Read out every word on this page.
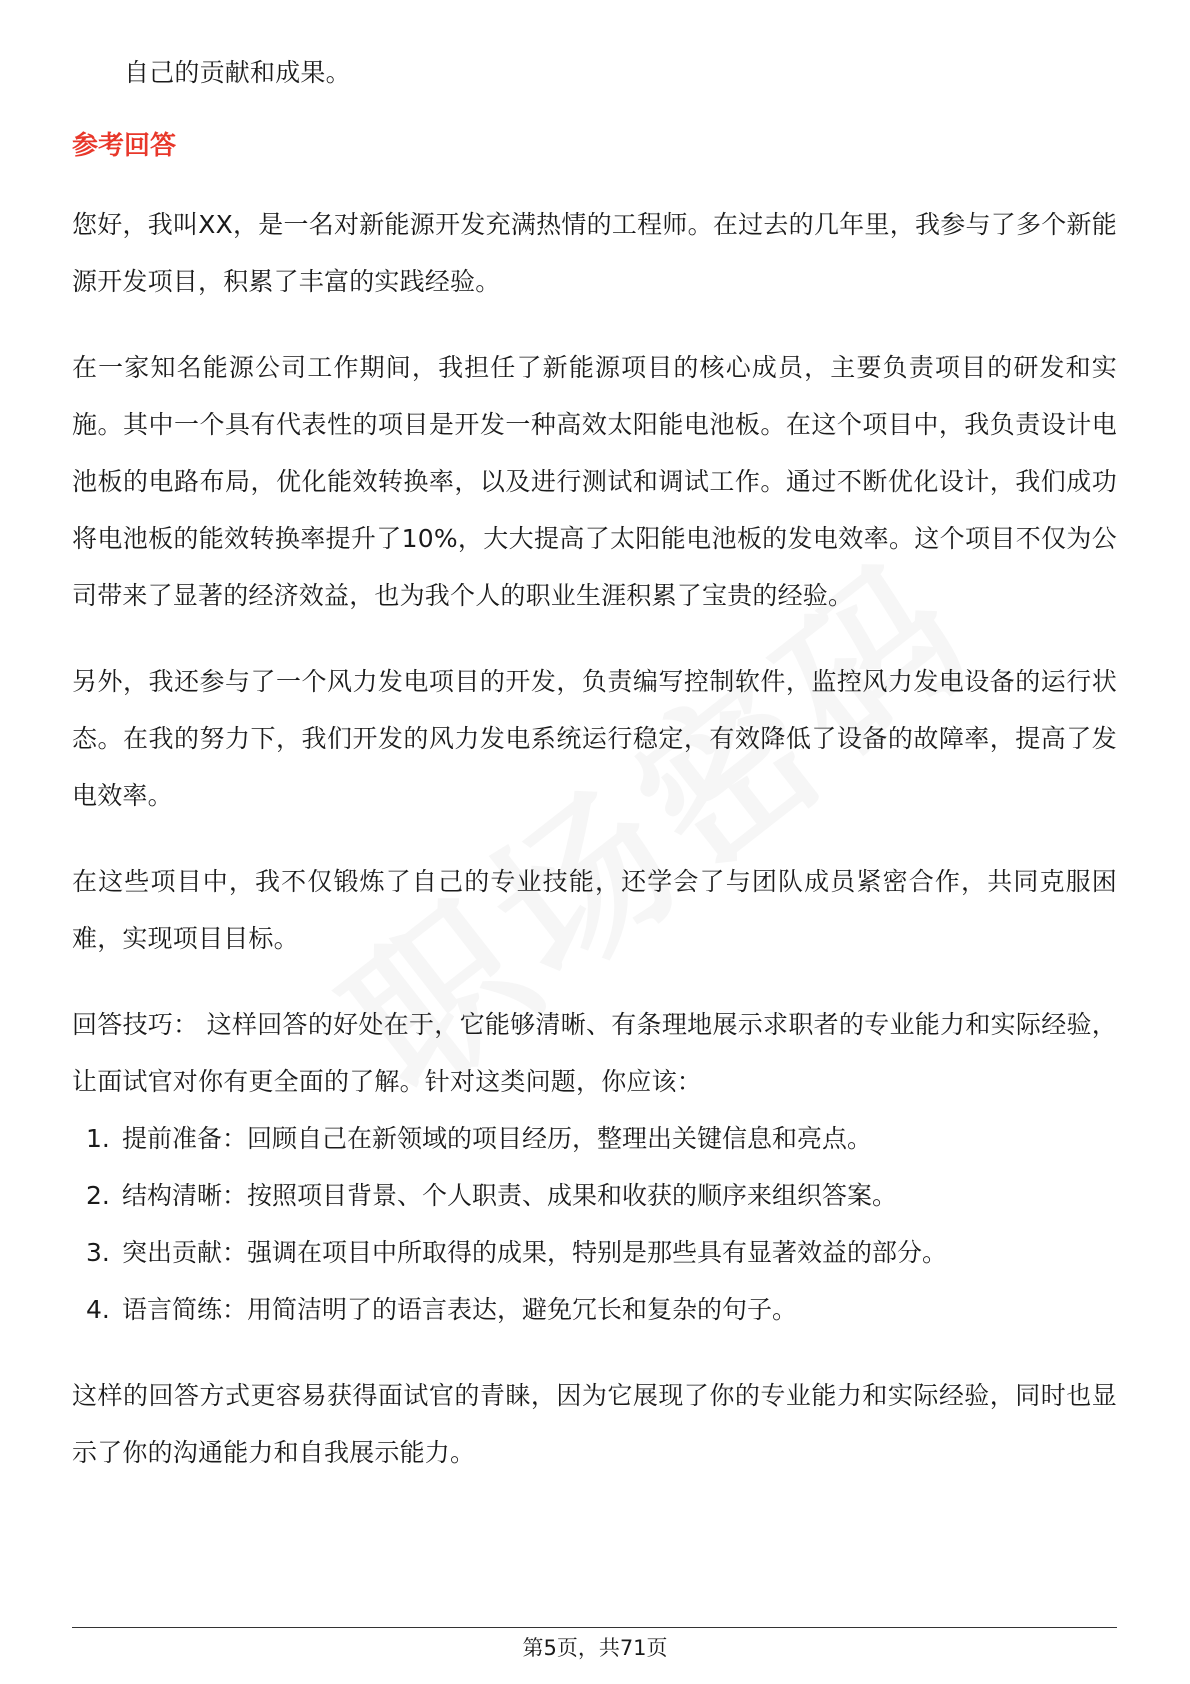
自己的贡献和成果。

参考回答

您好，我叫XX，是一名对新能源开发充满热情的工程师。在过去的几年里，我参与了多个新能源开发项目，积累了丰富的实践经验。

在一家知名能源公司工作期间，我担任了新能源项目的核心成员，主要负责项目的研发和实施。其中一个具有代表性的项目是开发一种高效太阳能电池板。在这个项目中，我负责设计电池板的电路布局，优化能效转换率，以及进行测试和调试工作。通过不断优化设计，我们成功将电池板的能效转换率提升了10%，大大提高了太阳能电池板的发电效率。这个项目不仅为公司带来了显著的经济效益，也为我个人的职业生涯积累了宝贵的经验。

另外，我还参与了一个风力发电项目的开发，负责编写控制软件，监控风力发电设备的运行状态。在我的努力下，我们开发的风力发电系统运行稳定，有效降低了设备的故障率，提高了发电效率。

在这些项目中，我不仅锻炼了自己的专业技能，还学会了与团队成员紧密合作，共同克服困难，实现项目目标。

回答技巧： 这样回答的好处在于，它能够清晰、有条理地展示求职者的专业能力和实际经验，让面试官对你有更全面的了解。针对这类问题，你应该：

1. 提前准备：回顾自己在新领域的项目经历，整理出关键信息和亮点。
2. 结构清晰：按照项目背景、个人职责、成果和收获的顺序来组织答案。
3. 突出贡献：强调在项目中所取得的成果，特别是那些具有显著效益的部分。
4. 语言简练：用简洁明了的语言表达，避免冗长和复杂的句子。

这样的回答方式更容易获得面试官的青睐，因为它展现了你的专业能力和实际经验，同时也显示了你的沟通能力和自我展示能力。

第5页，共71页
